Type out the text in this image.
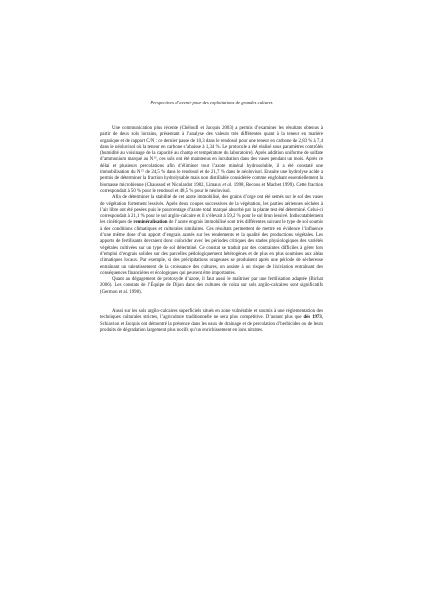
Perspectives d’avenir pour des exploitations de grandes cultures

Une communication plus récente (Chéloufi et Jacquis 2003) a permis d’examiner les résultats obtenus à partir de deux sols lorrains, présentant à l’analyse des valeurs très différentes quant à la teneur en matière organique et de rapport C/N : ce dernier passe de 10,3 dans le rendosol pour une teneur en carbone de 2,83 % à 7,4 dans le néoluvisol où la teneur en carbone s’abaisse à 1,34 %. Le protocole a été réalisé sous paramètres contrôlés (humidité au voisinage de la capacité au champ et température du laboratoire). Après addition uniforme de sulfate d’ammonium marqué au $N^{15}$, ces sols ont été maintenus en incubation dans des vases pendant un mois. Après ce délai et plusieurs percolations afin d’éliminer tout l’azote minéral hydrosoluble, il a été constaté une immobilisation du $N^{15}$ de 24,5 % dans le rendosol et de 21,7 % dans le néoluvisol. Ensuite une hydrolyse acide a permis de déterminer la fraction hydrolysable mais non distillable considérée comme englobant essentiellement la biomasse microbienne (Chaussod et Nicolardot 1982, Limaux et al. 1998, Recous et Machet 1999). Cette fraction correspondait à 50 % pour le rendosol et 48,5 % pour le néoluvisol.

Afin de déterminer la stabilité de cet azote immobilisé, des grains d’orge ont été semés sur le sol des vases de végétation fortement lessivés. Après deux coupes successives de la végétation, les parties aériennes séchées à l’air libre ont été pesées puis le pourcentage d’azote total marqué absorbé par la plante test été déterminé. Celui-ci correspondait à 21,1 % pour le sol argilo-calcaire et il s’élevait à 59,2 % pour le sol brun lessivé. Indiscutablement les cinétiques de reminéralisation de l’azote engrais immobilisé sont très différentes suivant le type de sol soumis à des conditions climatiques et culturales similaires. Ces résultats permettent de mettre en évidence l’influence d’une même dose d’un apport d’engrais azotés sur les rendements et la qualité des productions végétales. Les apports de fertilisants devraient donc coïncider avec les périodes critiques des stades physiologiques des variétés végétales cultivées sur un type de sol déterminé. Ce constat se traduit par des contraintes difficiles à gérer lors d’emploi d’engrais solides sur des parcelles pédologiquement hétérogènes et de plus en plus soumises aux aléas climatiques locaux. Par exemple, si des précipitations orageuses se produisent après une période de sécheresse entraînant un ralentissement de la croissance des cultures, on assiste à un risque de lixiviation entraînant des conséquences financières et écologiques qui peuvent être importantes.

Quant au dégagement de protoxyde d’azote, il faut aussi le maîtriser par une fertilisation adaptée (Bichat 2006). Les constats de l’Équipe de Dijon dans des cultures de colza sur sols argilo-calcaires sont significatifs (Germon et al. 1998).

Aussi sur les sols argilo-calcaires superficiels situés en zone vulnérable et soumis à une réglementation des techniques culturales strictes, l’agriculture traditionnelle ne sera plus compétitive. D’autant plus que dès 1973, Schiavion et Jacquis ont démontré la présence dans les eaux de drainage et de percolation d’herbicides ou de leurs produits de dégradation largement plus nocifs qu’un enrichissement en ions nitrates.
